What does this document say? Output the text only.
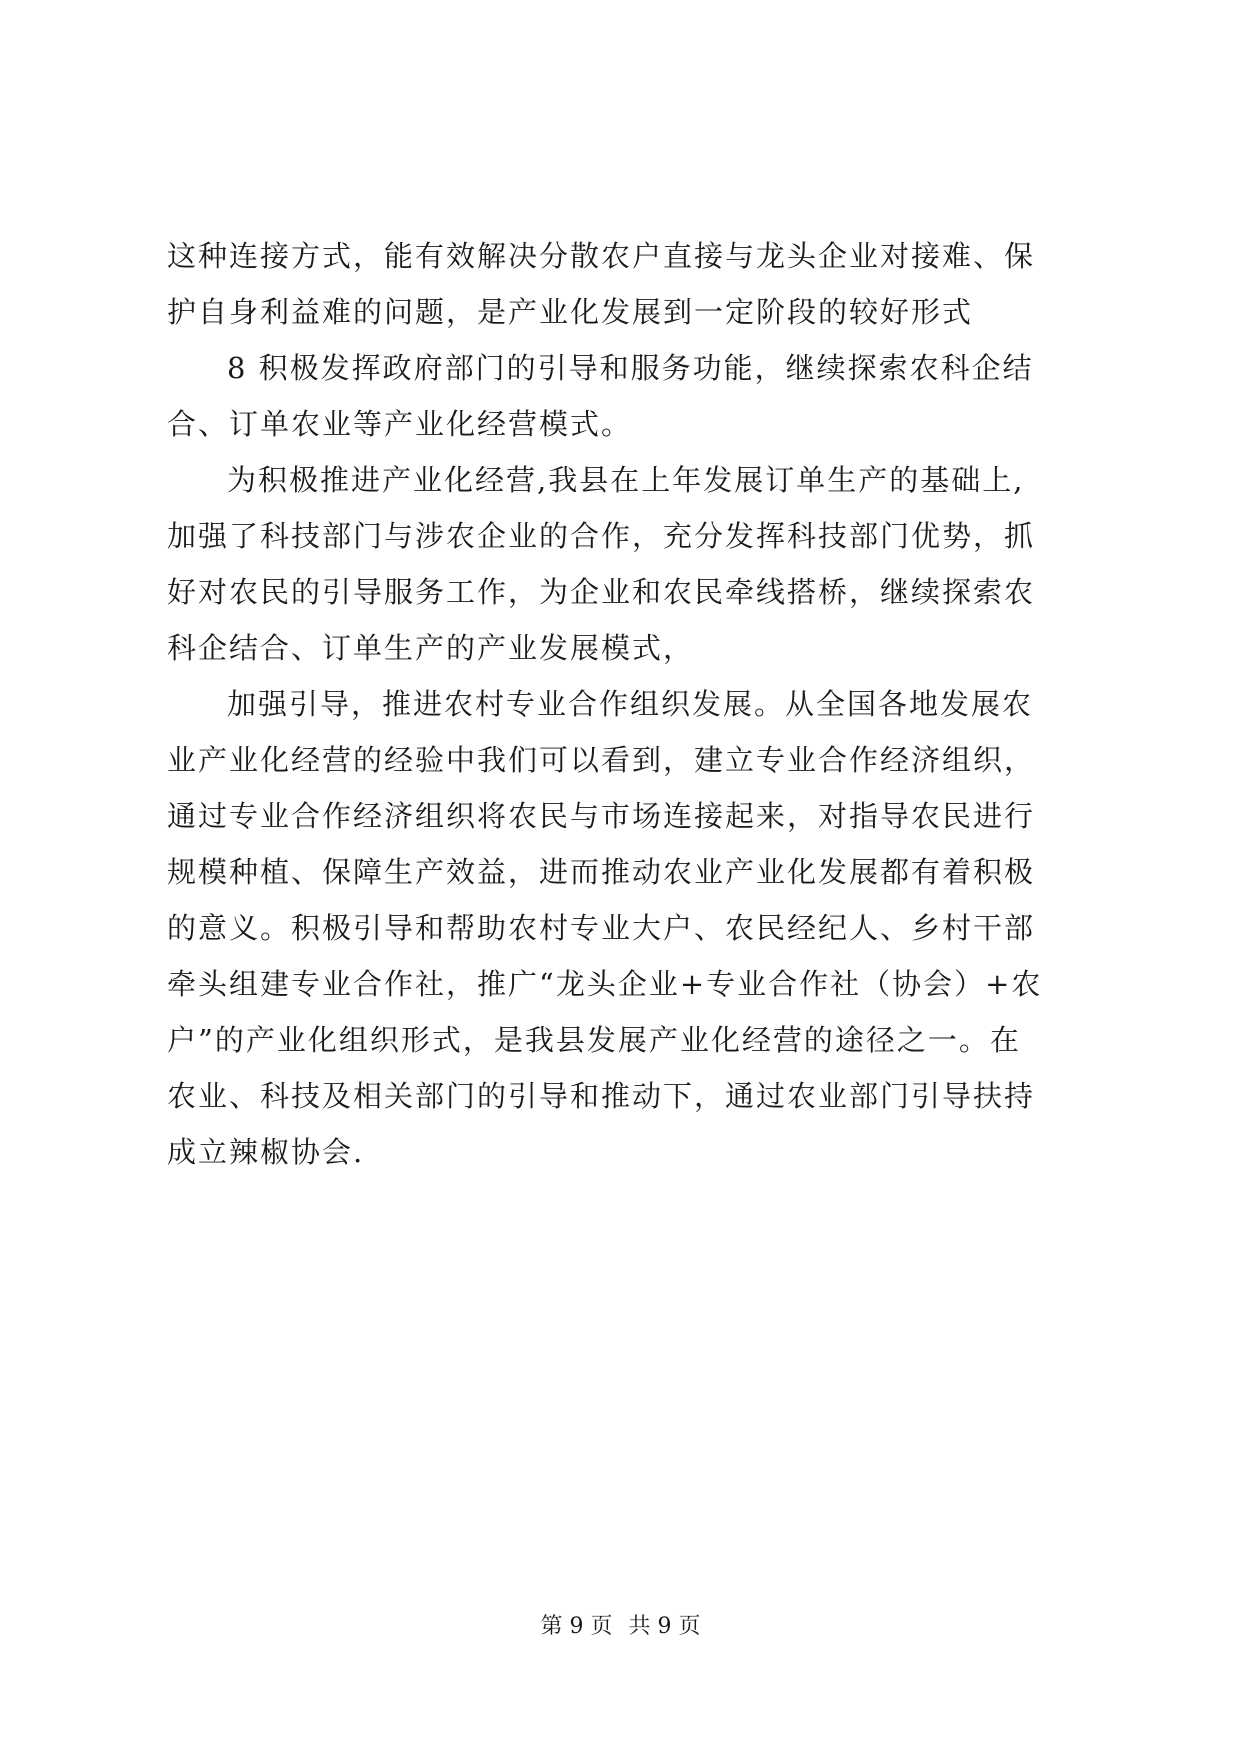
这种连接方式，能有效解决分散农户直接与龙头企业对接难、保
护自身利益难的问题，是产业化发展到一定阶段的较好形式
8 积极发挥政府部门的引导和服务功能，继续探索农科企结
合、订单农业等产业化经营模式。
为积极推进产业化经营,我县在上年发展订单生产的基础上,
加强了科技部门与涉农企业的合作，充分发挥科技部门优势，抓
好对农民的引导服务工作，为企业和农民牵线搭桥，继续探索农
科企结合、订单生产的产业发展模式，
加强引导，推进农村专业合作组织发展。从全国各地发展农
业产业化经营的经验中我们可以看到，建立专业合作经济组织，
通过专业合作经济组织将农民与市场连接起来，对指导农民进行
规模种植、保障生产效益，进而推动农业产业化发展都有着积极
的意义。积极引导和帮助农村专业大户、农民经纪人、乡村干部
牵头组建专业合作社，推广“龙头企业+专业合作社（协会）+农
户”的产业化组织形式，是我县发展产业化经营的途径之一。在
农业、科技及相关部门的引导和推动下，通过农业部门引导扶持
成立辣椒协会.
第 9 页 共 9 页
